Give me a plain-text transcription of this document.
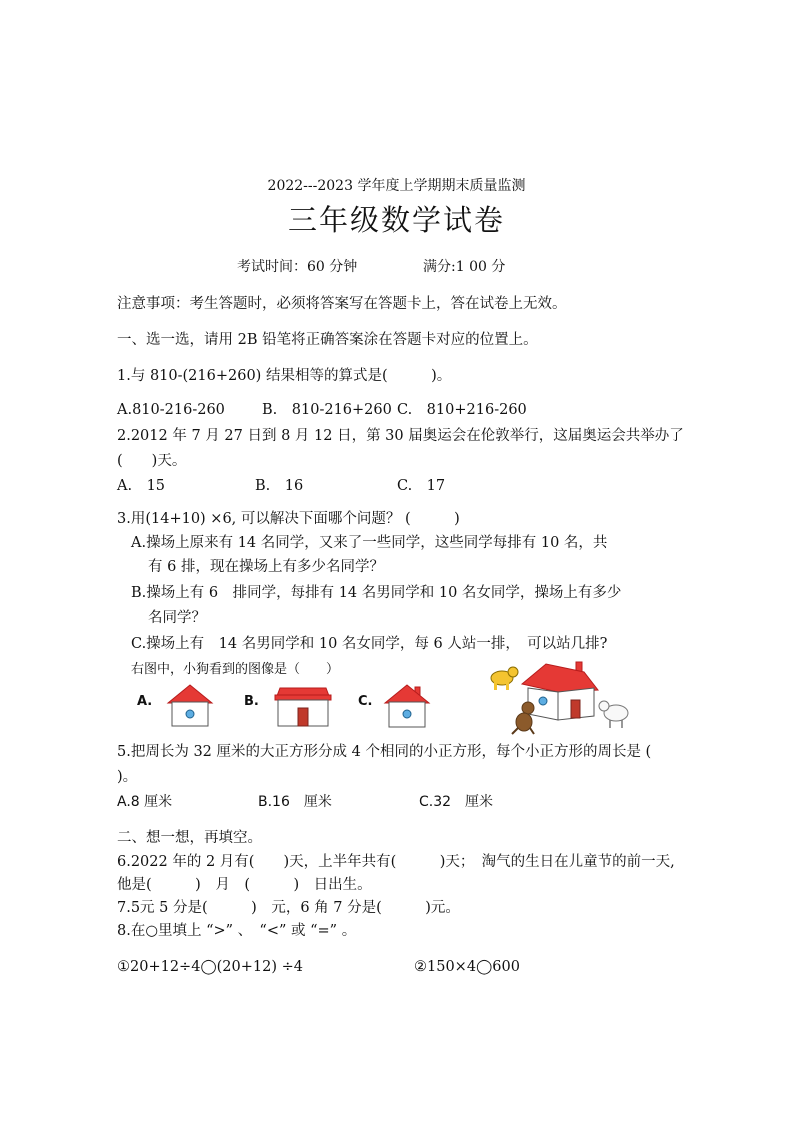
2022---2023 学年度上学期期末质量监测
三年级数学试卷
考试时间：60 分钟	满分:1 00 分
注意事项：考生答题时，必须将答案写在答题卡上，答在试卷上无效。
一、选一选，请用 2B 铅笔将正确答案涂在答题卡对应的位置上。
1.与 810-(216+260) 结果相等的算式是(　　　)。
A.810-216-260	B.　810-216+260 C.　810+216-260
2.2012 年 7 月 27 日到 8 月 12 日，第 30 届奥运会在伦敦举行，这届奥运会共举办了
(　　)天。
A.　15	B.　16	C.　17
3.用(14+10) ×6, 可以解决下面哪个问题？ (　　　)
A.操场上原来有 14 名同学，又来了一些同学，这些同学每排有 10 名，共
有 6 排，现在操场上有多少名同学？
B.操场上有 6　排同学，每排有 14 名男同学和 10 名女同学，操场上有多少
名同学？
C.操场上有　14 名男同学和 10 名女同学，每 6 人站一排，　可以站几排?
右图中，小狗看到的图像是（　　）
A.	B.	C.
5.把周长为 32 厘米的大正方形分成 4 个相同的小正方形，每个小正方形的周长是 (
)。
A.8 厘米	B.16　厘米	C.32　厘米
二、想一想，再填空。
6.2022 年的 2 月有(　　)天，上半年共有(　　　)天；　淘气的生日在儿童节的前一天,
他是(　　　)　月　(　　　)　日出生。
7.5元 5 分是(　　　)　元，6 角 7 分是(　　　)元。
8.在○里填上 “>” 、　“<” 或 “=” 。
①20+12÷4◯(20+12) ÷4	②150×4◯600
